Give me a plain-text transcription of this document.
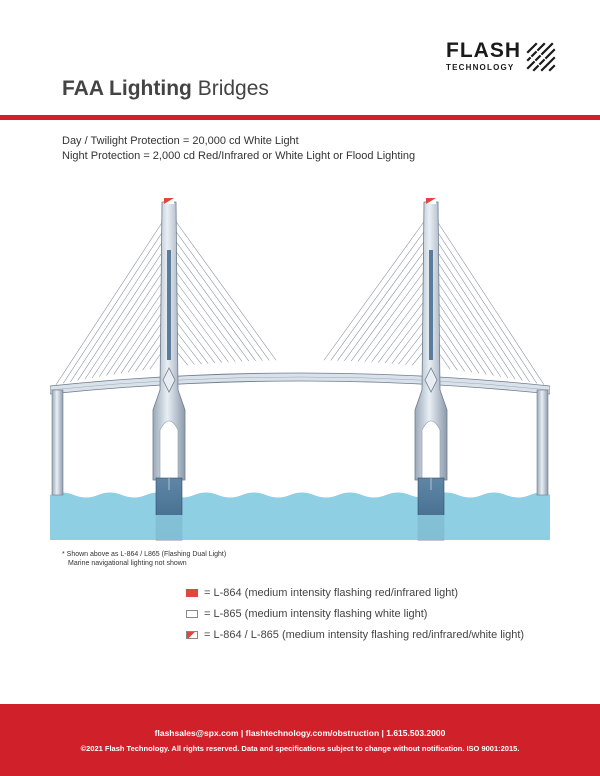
FLASH
TECHNOLOGY
FAA Lighting Bridges
Day / Twilight Protection = 20,000 cd White Light
Night Protection = 2,000 cd Red/Infrared or White Light or Flood Lighting
* Shown above as L-864 / L865 (Flashing Dual Light)
Marine navigational lighting not shown
= L-864 (medium intensity flashing red/infrared light)
= L-865 (medium intensity flashing white light)
= L-864 / L-865 (medium intensity flashing red/infrared/white light)
flashsales@spx.com | flashtechnology.com/obstruction | 1.615.503.2000
©2021 Flash Technology. All rights reserved. Data and specifications subject to change without notification. ISO 9001:2015.
